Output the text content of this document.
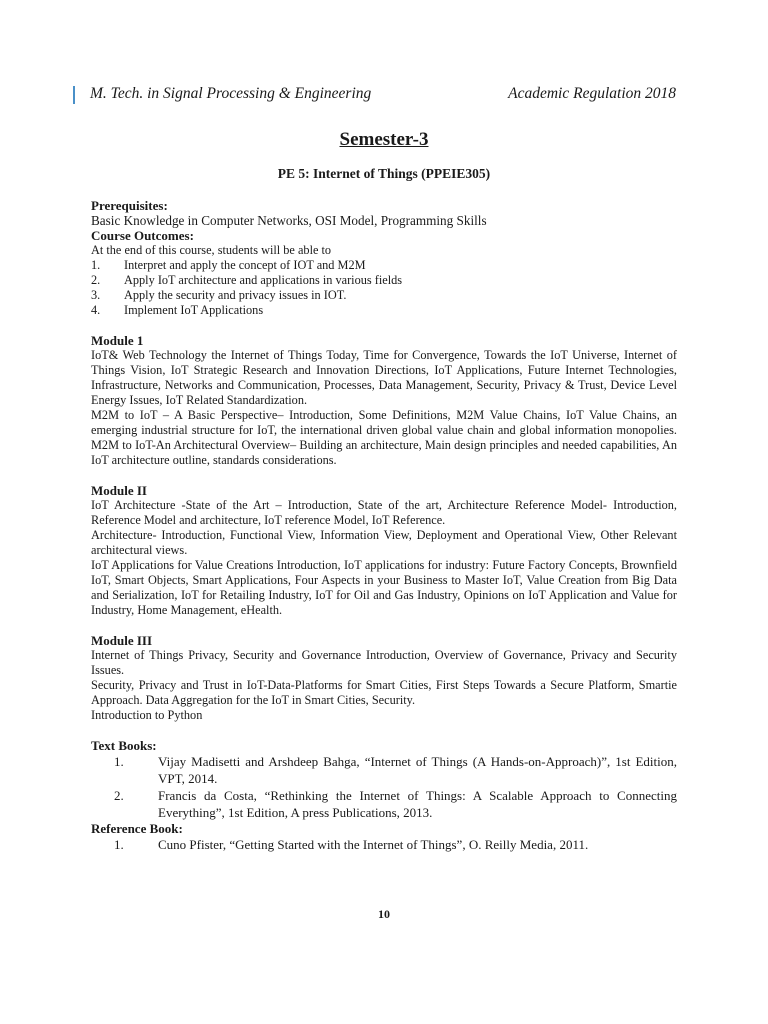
M. Tech. in Signal Processing & Engineering	Academic Regulation 2018
Semester-3
PE 5: Internet of Things (PPEIE305)
Prerequisites:

Basic Knowledge in Computer Networks, OSI Model, Programming Skills

Course Outcomes:

At the end of this course, students will be able to

1.	Interpret and apply the concept of IOT and M2M
2.	Apply IoT architecture and applications in various fields
3.	Apply the security and privacy issues in IOT.
4.	Implement IoT Applications
Module 1

IoT& Web Technology the Internet of Things Today, Time for Convergence, Towards the IoT Universe, Internet of Things Vision, IoT Strategic Research and Innovation Directions, IoT Applications, Future Internet Technologies, Infrastructure, Networks and Communication, Processes, Data Management, Security, Privacy & Trust, Device Level Energy Issues, IoT Related Standardization.

M2M to IoT – A Basic Perspective– Introduction, Some Definitions, M2M Value Chains, IoT Value Chains, an emerging industrial structure for IoT, the international driven global value chain and global information monopolies. M2M to IoT-An Architectural Overview– Building an architecture, Main design principles and needed capabilities, An IoT architecture outline, standards considerations.

Module II

IoT Architecture -State of the Art – Introduction, State of the art, Architecture Reference Model- Introduction, Reference Model and architecture, IoT reference Model, IoT Reference.

Architecture- Introduction, Functional View, Information View, Deployment and Operational View, Other Relevant architectural views.

IoT Applications for Value Creations Introduction, IoT applications for industry: Future Factory Concepts, Brownfield IoT, Smart Objects, Smart Applications, Four Aspects in your Business to Master IoT, Value Creation from Big Data and Serialization, IoT for Retailing Industry, IoT for Oil and Gas Industry, Opinions on IoT Application and Value for Industry, Home Management, eHealth.

Module III

Internet of Things Privacy, Security and Governance Introduction, Overview of Governance, Privacy and Security Issues.

Security, Privacy and Trust in IoT-Data-Platforms for Smart Cities, First Steps Towards a Secure Platform, Smartie Approach. Data Aggregation for the IoT in Smart Cities, Security.

Introduction to Python

Text Books:
1.	Vijay Madisetti and Arshdeep Bahga, “Internet of Things (A Hands-on-Approach)”, 1st Edition, VPT, 2014.
2.	Francis da Costa, “Rethinking the Internet of Things: A Scalable Approach to Connecting Everything”, 1st Edition, A press Publications, 2013.
Reference Book:
1.	Cuno Pfister, “Getting Started with the Internet of Things”, O. Reilly Media, 2011.
10
